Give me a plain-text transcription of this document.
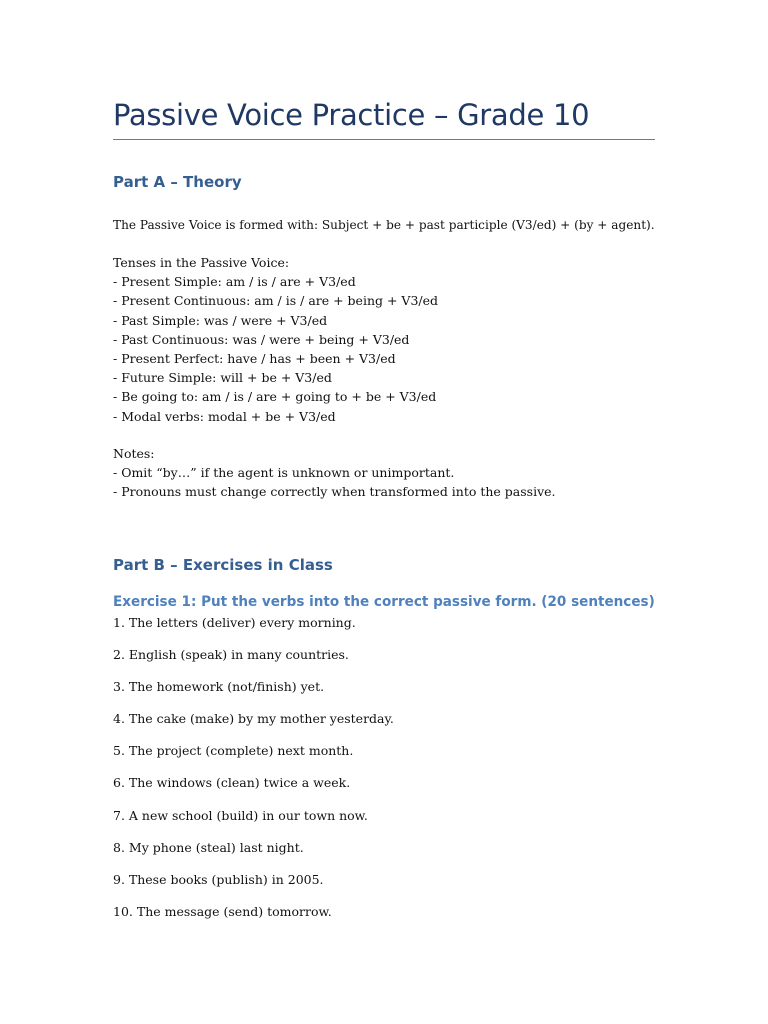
Passive Voice Practice – Grade 10
Part A – Theory
The Passive Voice is formed with: Subject + be + past participle (V3/ed) + (by + agent).
Tenses in the Passive Voice:
- Present Simple: am / is / are + V3/ed
- Present Continuous: am / is / are + being + V3/ed
- Past Simple: was / were + V3/ed
- Past Continuous: was / were + being + V3/ed
- Present Perfect: have / has + been + V3/ed
- Future Simple: will + be + V3/ed
- Be going to: am / is / are + going to + be + V3/ed
- Modal verbs: modal + be + V3/ed
Notes:
- Omit “by…” if the agent is unknown or unimportant.
- Pronouns must change correctly when transformed into the passive.
Part B – Exercises in Class
Exercise 1: Put the verbs into the correct passive form. (20 sentences)
1. The letters (deliver) every morning.
2. English (speak) in many countries.
3. The homework (not/finish) yet.
4. The cake (make) by my mother yesterday.
5. The project (complete) next month.
6. The windows (clean) twice a week.
7. A new school (build) in our town now.
8. My phone (steal) last night.
9. These books (publish) in 2005.
10. The message (send) tomorrow.
